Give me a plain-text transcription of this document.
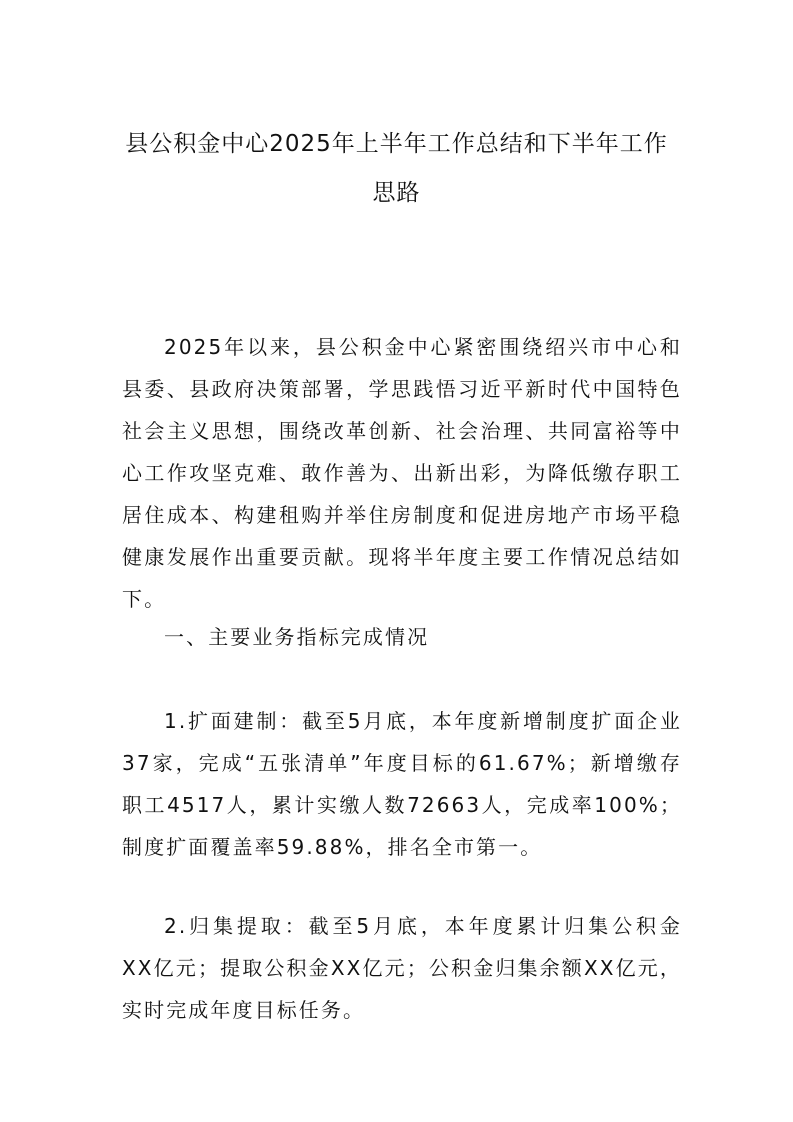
县公积金中心2025年上半年工作总结和下半年工作
思路

2025年以来，县公积金中心紧密围绕绍兴市中心和县委、县政府决策部署，学思践悟习近平新时代中国特色社会主义思想，围绕改革创新、社会治理、共同富裕等中心工作攻坚克难、敢作善为、出新出彩，为降低缴存职工居住成本、构建租购并举住房制度和促进房地产市场平稳健康发展作出重要贡献。现将半年度主要工作情况总结如下。

一、主要业务指标完成情况

1.扩面建制：截至5月底，本年度新增制度扩面企业37家，完成“五张清单”年度目标的61.67%；新增缴存职工4517人，累计实缴人数72663人，完成率100%；制度扩面覆盖率59.88%，排名全市第一。

2.归集提取：截至5月底，本年度累计归集公积金 XX亿元；提取公积金XX亿元；公积金归集余额XX亿元，实时完成年度目标任务。
